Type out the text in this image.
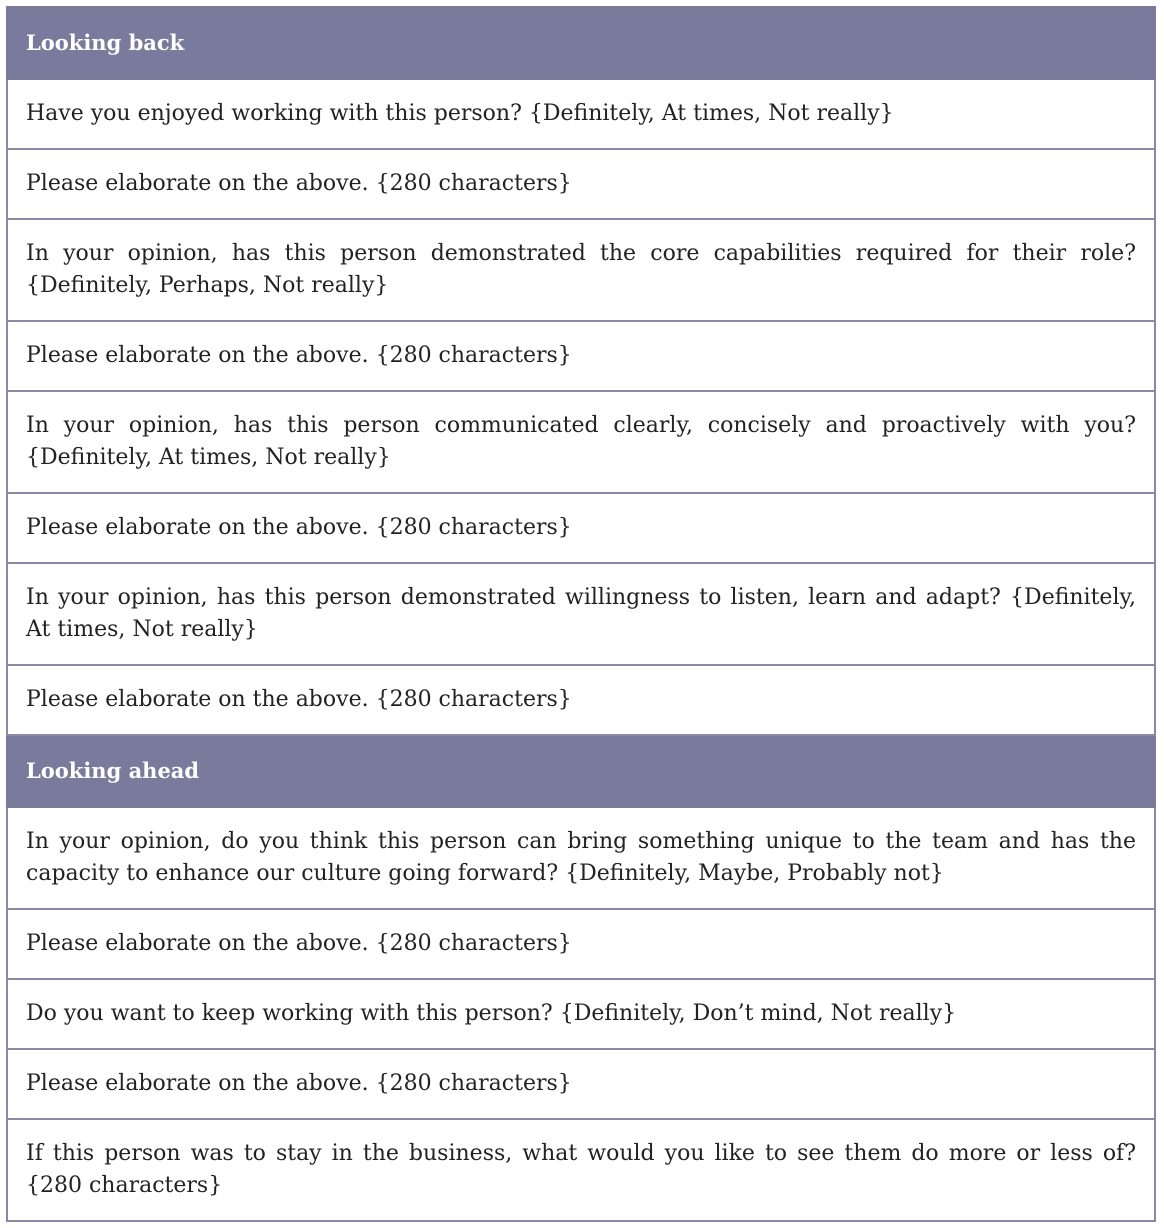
Looking back
Have you enjoyed working with this person? {Definitely, At times, Not really}
Please elaborate on the above. {280 characters}
In your opinion, has this person demonstrated the core capabilities required for their role? {Definitely, Perhaps, Not really}
Please elaborate on the above. {280 characters}
In your opinion, has this person communicated clearly, concisely and proactively with you? {Definitely, At times, Not really}
Please elaborate on the above. {280 characters}
In your opinion, has this person demonstrated willingness to listen, learn and adapt? {Definitely, At times, Not really}
Please elaborate on the above. {280 characters}
Looking ahead
In your opinion, do you think this person can bring something unique to the team and has the capacity to enhance our culture going forward? {Definitely, Maybe, Probably not}
Please elaborate on the above. {280 characters}
Do you want to keep working with this person? {Definitely, Don’t mind, Not really}
Please elaborate on the above. {280 characters}
If this person was to stay in the business, what would you like to see them do more or less of? {280 characters}
